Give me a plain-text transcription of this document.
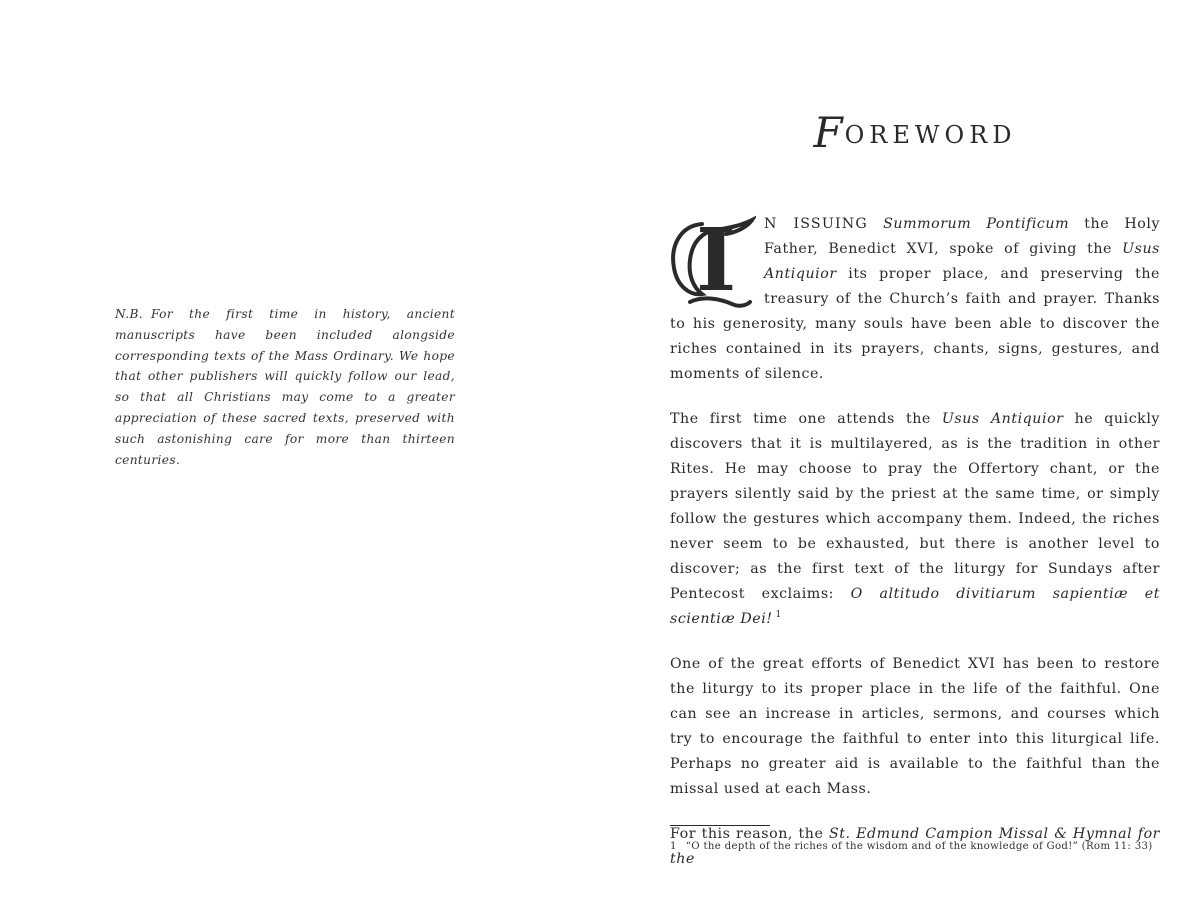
N.B. For the first time in history, ancient manuscripts have been included alongside corresponding texts of the Mass Ordinary. We hope that other publishers will quickly follow our lead, so that all Christians may come to a greater appreciation of these sacred texts, preserved with such astonishing care for more than thirteen centuries.
FOREWORD

I N ISSUING Summorum Pontificum the Holy Father, Benedict XVI, spoke of giving the Usus Antiquior its proper place, and preserving the treasury of the Church’s faith and prayer. Thanks to his generosity, many souls have been able to discover the riches contained in its prayers, chants, signs, gestures, and moments of silence.

The first time one attends the Usus Antiquior he quickly discovers that it is multilayered, as is the tradition in other Rites. He may choose to pray the Offertory chant, or the prayers silently said by the priest at the same time, or simply follow the gestures which accompany them. Indeed, the riches never seem to be exhausted, but there is another level to discover; as the first text of the liturgy for Sundays after Pentecost exclaims: O altitudo divitiarum sapientiæ et scientiæ Dei! $^1$

One of the great efforts of Benedict XVI has been to restore the liturgy to its proper place in the life of the faithful. One can see an increase in articles, sermons, and courses which try to encourage the faithful to enter into this liturgical life. Perhaps no greater aid is available to the faithful than the missal used at each Mass.

For this reason, the St. Edmund Campion Missal & Hymnal for the

1 “O the depth of the riches of the wisdom and of the knowledge of God!” (Rom 11: 33)
